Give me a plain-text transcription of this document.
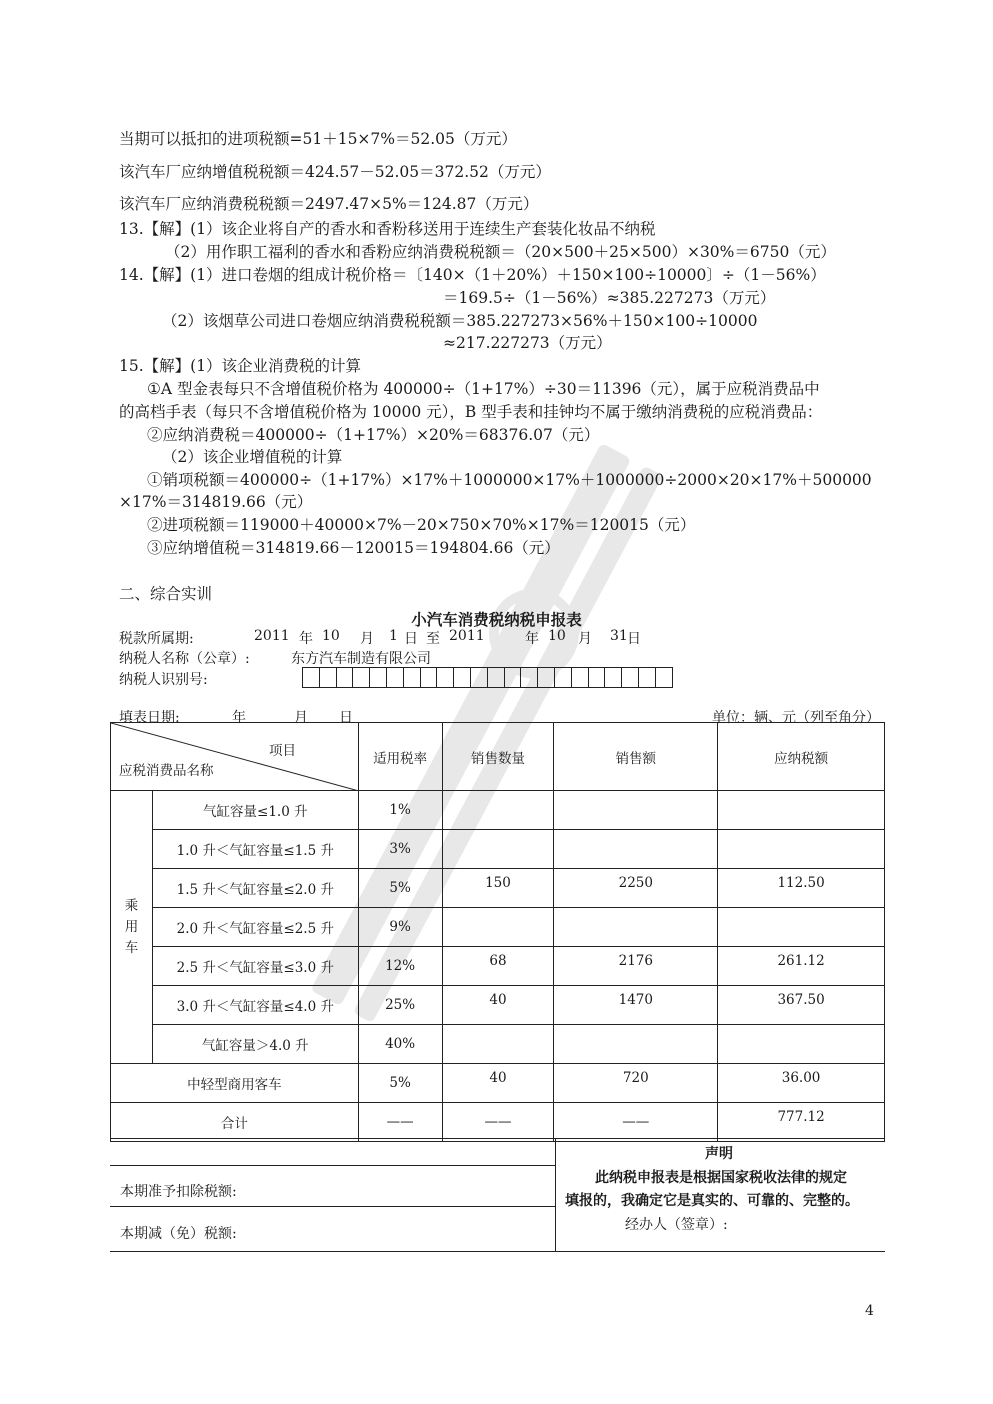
当期可以抵扣的进项税额=51＋15×7%＝52.05（万元）
该汽车厂应纳增值税税额＝424.57－52.05＝372.52（万元）
该汽车厂应纳消费税税额＝2497.47×5%＝124.87（万元）
13.【解】(1）该企业将自产的香水和香粉移送用于连续生产套装化妆品不纳税
（2）用作职工福利的香水和香粉应纳消费税税额＝（20×500＋25×500）×30%＝6750（元）
14.【解】(1）进口卷烟的组成计税价格＝〔140×（1＋20%）＋150×100÷10000〕÷（1－56%）
＝169.5÷（1－56%）≈385.227273（万元）
（2）该烟草公司进口卷烟应纳消费税税额＝385.227273×56%＋150×100÷10000
≈217.227273（万元）
15.【解】(1）该企业消费税的计算
①A 型金表每只不含增值税价格为 400000÷（1+17%）÷30＝11396（元），属于应税消费品中
的高档手表（每只不含增值税价格为 10000 元），B 型手表和挂钟均不属于缴纳消费税的应税消费品：
②应纳消费税＝400000÷（1+17%）×20%＝68376.07（元）
（2）该企业增值税的计算
①销项税额＝400000÷（1+17%）×17%＋1000000×17%＋1000000÷2000×20×17%＋500000
×17%＝314819.66（元）
②进项税额＝119000＋40000×7%－20×750×70%×17%＝120015（元）
③应纳增值税＝314819.66－120015＝194804.66（元）
二、综合实训
小汽车消费税纳税申报表
税款所属期:	2011 年 10 月 1 日 至 2011	年 10 月 31 日
纳税人名称（公章）:	东方汽车制造有限公司
纳税人识别号:
填表日期:	年	月 日	单位：辆、元（列至角分）
项目
应税消费品名称		适用税率	销售数量	销售额	应纳税额
乘用车	气缸容量≤1.0 升	1%			
	1.0 升＜气缸容量≤1.5 升	3%			
	1.5 升＜气缸容量≤2.0 升	5%	150	2250	112.50
	2.0 升＜气缸容量≤2.5 升	9%			
	2.5 升＜气缸容量≤3.0 升	12%	68	2176	261.12
	3.0 升＜气缸容量≤4.0 升	25%	40	1470	367.50
	气缸容量＞4.0 升	40%			
中轻型商用客车		5%	40	720	36.00
合计		——	——	——	777.12
本期准予扣除税额:
本期减（免）税额:
声明
此纳税申报表是根据国家税收法律的规定
填报的，我确定它是真实的、可靠的、完整的。
经办人（签章）:
4
